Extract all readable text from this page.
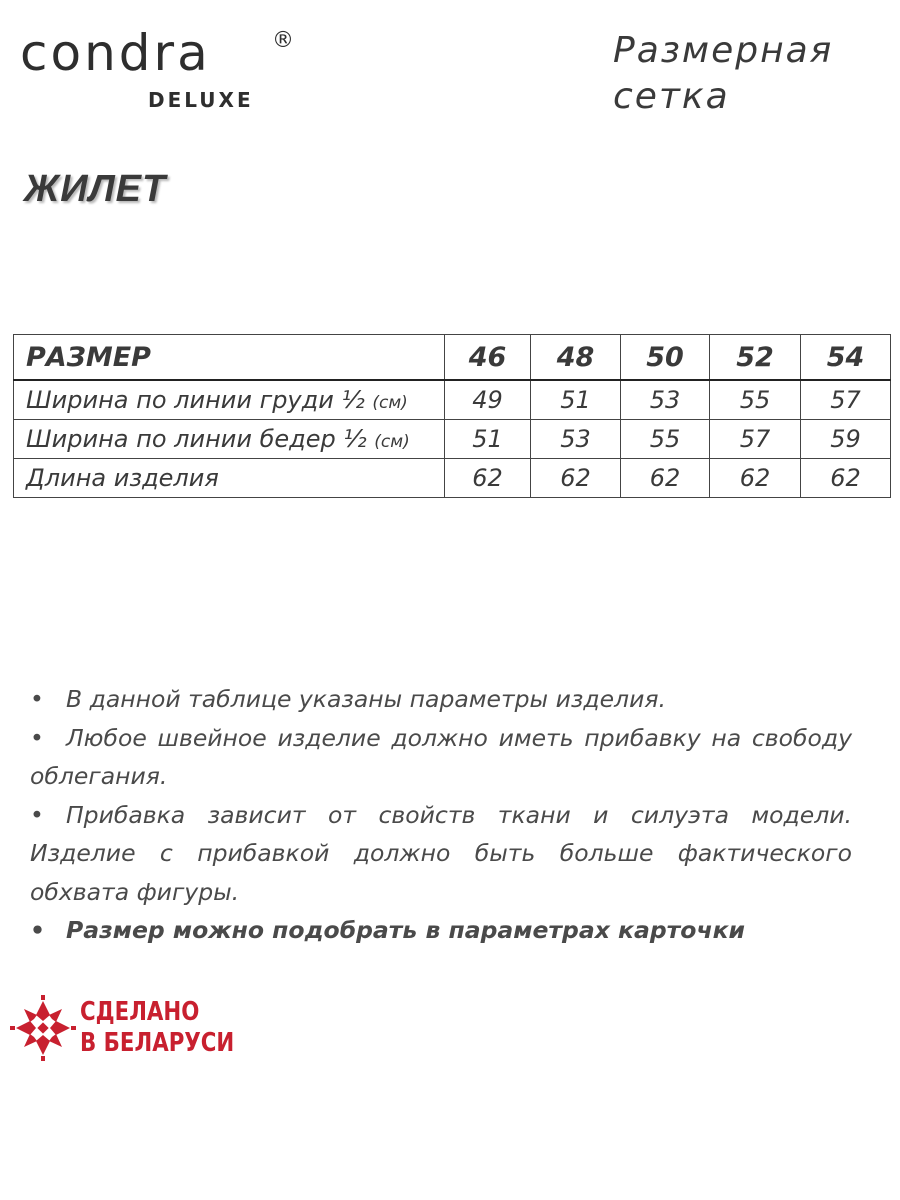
condra	®
DELUXE
Размерная
сетка
ЖИЛЕТ
РАЗМЕР	46	48	50	52	54
Ширина по линии груди ½ (см)	49	51	53	55	57
Ширина по линии бедер ½ (см)	51	53	55	57	59
Длина изделия	62	62	62	62	62

• В данной таблице указаны параметры изделия.

• Любое швейное изделие должно иметь прибавку на свободу облегания.

• Прибавка зависит от свойств ткани и силуэта модели. Изделие с прибавкой должно быть больше фактического обхвата фигуры.

• Размер можно подобрать в параметрах карточки

СДЕЛАНО
В БЕЛАРУСИ
